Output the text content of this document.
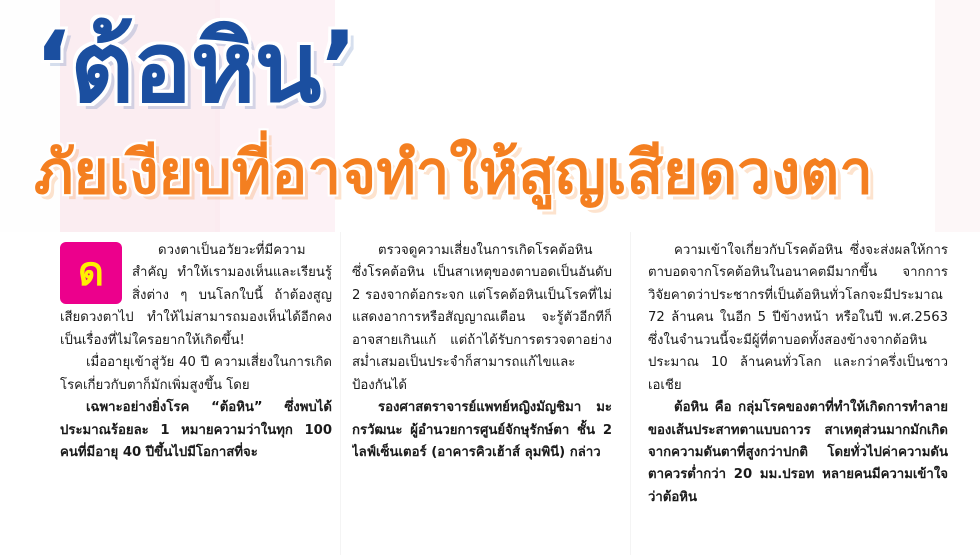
‘ต้อหิน’
ภัยเงียบที่อาจทำให้สูญเสียดวงตา
ด	ดวงตาเป็นอวัยวะที่มีความสำคัญ ทำให้เรามองเห็นและเรียนรู้สิ่งต่าง ๆ บนโลกใบนี้ ถ้าต้องสูญเสียดวงตาไป ทำให้ไม่สามารถมองเห็นได้อีกคงเป็นเรื่องที่ไม่ใครอยากให้เกิดขึ้น!

เมื่ออายุเข้าสู่วัย 40 ปี ความเสี่ยงในการเกิดโรคเกี่ยวกับตาก็มักเพิ่มสูงขึ้น โดย

เฉพาะอย่างยิ่งโรค “ต้อหิน” ซึ่งพบได้ประมาณร้อยละ 1 หมายความว่าในทุก 100 คนที่มีอายุ 40 ปีขึ้นไปมีโอกาสที่จะ

ตรวจดูความเสี่ยงในการเกิดโรคต้อหิน ซึ่งโรคต้อหิน เป็นสาเหตุของตาบอดเป็นอันดับ 2 รองจากต้อกระจก แต่โรคต้อหินเป็นโรคที่ไม่แสดงอาการหรือสัญญาณเตือน จะรู้ตัวอีกทีก็อาจสายเกินแก้ แต่ถ้าได้รับการตรวจตาอย่างสม่ำเสมอเป็นประจำก็สามารถแก้ไขและป้องกันได้

รองศาสตราจารย์แพทย์หญิงมัญชิมา มะกรวัฒนะ ผู้อำนวยการศูนย์จักษุรักษ์ตา ชั้น 2 ไลฟ์เซ็นเตอร์ (อาคารคิวเฮ้าส์ ลุมพินี) กล่าว

ความเข้าใจเกี่ยวกับโรคต้อหิน ซึ่งจะส่งผลให้การตาบอดจากโรคต้อหินในอนาคตมีมากขึ้น จากการวิจัยคาดว่าประชากรที่เป็นต้อหินทั่วโลกจะมีประมาณ 72 ล้านคน ในอีก 5 ปีข้างหน้า หรือในปี พ.ศ.2563 ซึ่งในจำนวนนี้จะมีผู้ที่ตาบอดทั้งสองข้างจากต้อหินประมาณ 10 ล้านคนทั่วโลก และกว่าครึ่งเป็นชาวเอเชีย

ต้อหิน คือ กลุ่มโรคของตาที่ทำให้เกิดการทำลายของเส้นประสาทตาแบบถาวร สาเหตุส่วนมากมักเกิดจากความดันตาที่สูงกว่าปกติ โดยทั่วไปค่าความดันตาควรต่ำกว่า 20 มม.ปรอท หลายคนมีความเข้าใจว่าต้อหิน
